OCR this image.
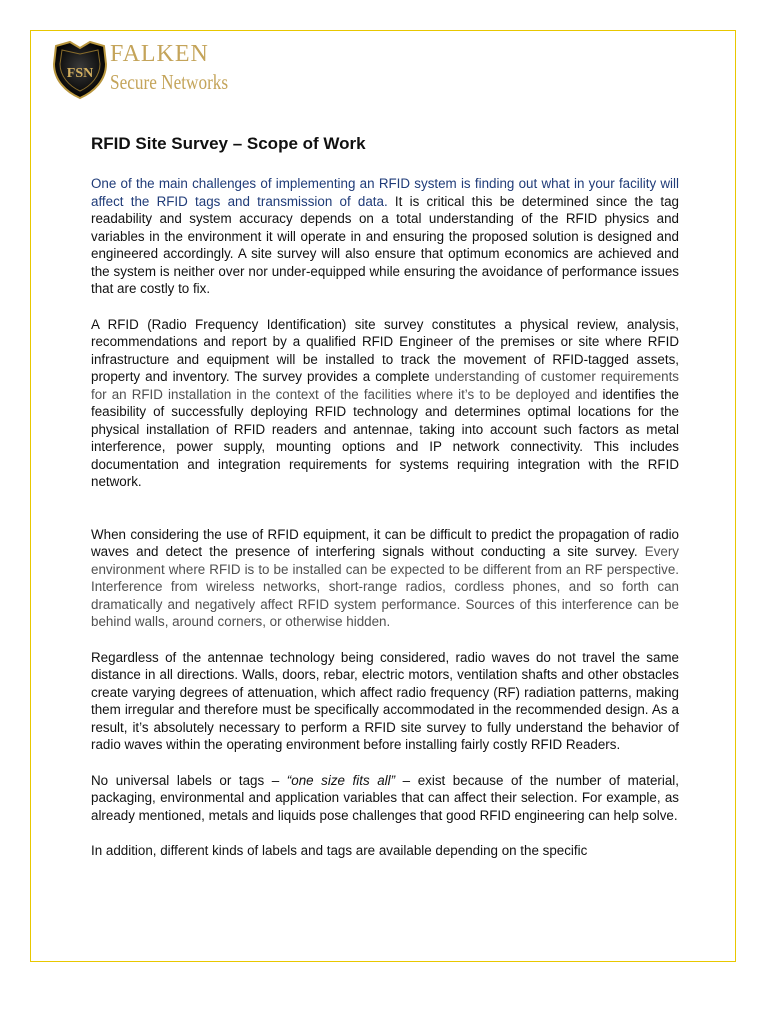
FSN
FALKEN
Secure Networks
RFID Site Survey – Scope of Work

One of the main challenges of implementing an RFID system is finding out what in your facility will affect the RFID tags and transmission of data. It is critical this be determined since the tag readability and system accuracy depends on a total understanding of the RFID physics and variables in the environment it will operate in and ensuring the proposed solution is designed and engineered accordingly. A site survey will also ensure that optimum economics are achieved and the system is neither over nor under-equipped while ensuring the avoidance of performance issues that are costly to fix.

A RFID (Radio Frequency Identification) site survey constitutes a physical review, analysis, recommendations and report by a qualified RFID Engineer of the premises or site where RFID infrastructure and equipment will be installed to track the movement of RFID-tagged assets, property and inventory. The survey provides a complete understanding of customer requirements for an RFID installation in the context of the facilities where it’s to be deployed and identifies the feasibility of successfully deploying RFID technology and determines optimal locations for the physical installation of RFID readers and antennae, taking into account such factors as metal interference, power supply, mounting options and IP network connectivity. This includes documentation and integration requirements for systems requiring integration with the RFID network.

When considering the use of RFID equipment, it can be difficult to predict the propagation of radio waves and detect the presence of interfering signals without conducting a site survey. Every environment where RFID is to be installed can be expected to be different from an RF perspective. Interference from wireless networks, short-range radios, cordless phones, and so forth can dramatically and negatively affect RFID system performance. Sources of this interference can be behind walls, around corners, or otherwise hidden.

Regardless of the antennae technology being considered, radio waves do not travel the same distance in all directions. Walls, doors, rebar, electric motors, ventilation shafts and other obstacles create varying degrees of attenuation, which affect radio frequency (RF) radiation patterns, making them irregular and therefore must be specifically accommodated in the recommended design. As a result, it’s absolutely necessary to perform a RFID site survey to fully understand the behavior of radio waves within the operating environment before installing fairly costly RFID Readers.

No universal labels or tags – “one size fits all” – exist because of the number of material, packaging, environmental and application variables that can affect their selection. For example, as already mentioned, metals and liquids pose challenges that good RFID engineering can help solve.

In addition, different kinds of labels and tags are available depending on the specific
